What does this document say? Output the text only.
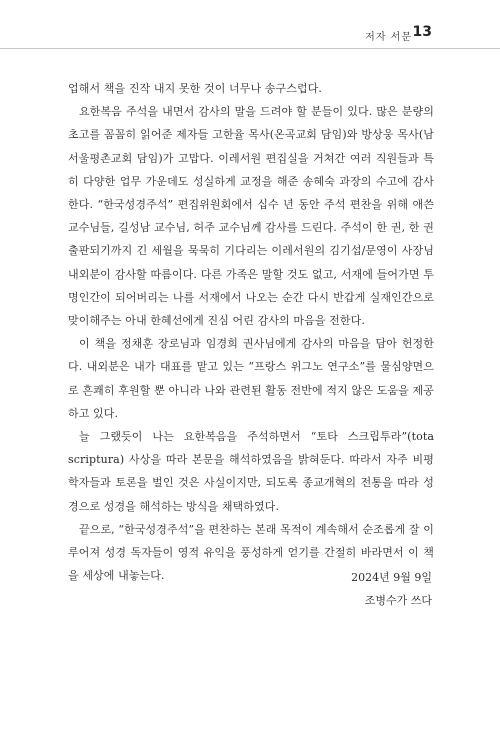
저자 서문 13

업해서 책을 진작 내지 못한 것이 너무나 송구스럽다.

요한복음 주석을 내면서 감사의 말을 드려야 할 분들이 있다. 많은 분량의 초고를 꼼꼼히 읽어준 제자들 고한율 목사(온곡교회 담임)와 방상웅 목사(남서울평촌교회 담임)가 고맙다. 이레서원 편집실을 거쳐간 여러 직원들과 특히 다양한 업무 가운데도 성실하게 교정을 해준 송혜숙 과장의 수고에 감사한다. “한국성경주석” 편집위원회에서 십수 년 동안 주석 편찬을 위해 애쓴 교수님들, 길성남 교수님, 허주 교수님께 감사를 드린다. 주석이 한 권, 한 권 출판되기까지 긴 세월을 묵묵히 기다리는 이레서원의 김기섭/문영이 사장님 내외분이 감사할 따름이다. 다른 가족은 말할 것도 없고, 서재에 들어가면 투명인간이 되어버리는 나를 서재에서 나오는 순간 다시 반갑게 실재인간으로 맞이해주는 아내 한혜선에게 진심 어린 감사의 마음을 전한다.

이 책을 정채훈 장로님과 임경희 권사님에게 감사의 마음을 담아 헌정한다. 내외분은 내가 대표를 맡고 있는 “프랑스 위그노 연구소”를 물심양면으로 흔쾌히 후원할 뿐 아니라 나와 관련된 활동 전반에 적지 않은 도움을 제공하고 있다.

늘 그랬듯이 나는 요한복음을 주석하면서 “토타 스크립투라”(tota scriptura) 사상을 따라 본문을 해석하였음을 밝혀둔다. 따라서 자주 비평학자들과 토론을 벌인 것은 사실이지만, 되도록 종교개혁의 전통을 따라 성경으로 성경을 해석하는 방식을 채택하였다.

끝으로, “한국성경주석”을 편찬하는 본래 목적이 계속해서 순조롭게 잘 이루어져 성경 독자들이 영적 유익을 풍성하게 얻기를 간절히 바라면서 이 책을 세상에 내놓는다.	2024년 9월 9일
조병수가 쓰다
